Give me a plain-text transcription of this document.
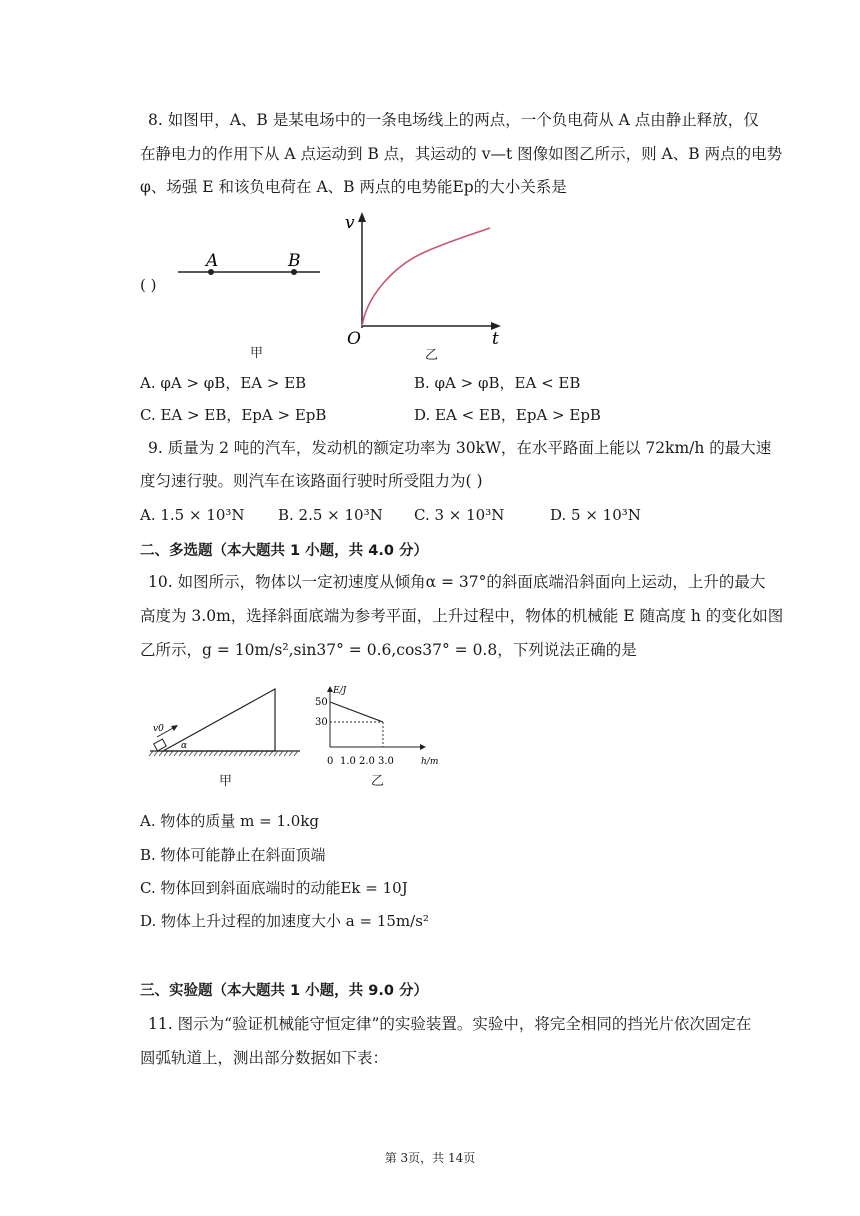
8. 如图甲，A、B 是某电场中的一条电场线上的两点，一个负电荷从 A 点由静止释放，仅
在静电力的作用下从 A 点运动到 B 点，其运动的 v—t 图像如图乙所示，则 A、B 两点的电势
φ、场强 E 和该负电荷在 A、B 两点的电势能Ep的大小关系是
( )
A	B
甲
v
t
O
乙
A. φA > φB，EA > EB	B. φA > φB，EA < EB
C. EA > EB，EpA > EpB	D. EA < EB，EpA > EpB
9. 质量为 2 吨的汽车，发动机的额定功率为 30kW，在水平路面上能以 72km/h 的最大速
度匀速行驶。则汽车在该路面行驶时所受阻力为( )
A. 1.5 × 10³N B. 2.5 × 10³N C. 3 × 10³N	D. 5 × 10³N
二、多选题（本大题共 1 小题，共 4.0 分）
10. 如图所示，物体以一定初速度从倾角α = 37°的斜面底端沿斜面向上运动，上升的最大
高度为 3.0m，选择斜面底端为参考平面，上升过程中，物体的机械能 E 随高度 h 的变化如图
乙所示，g = 10m/s²,sin37° = 0.6,cos37° = 0.8，下列说法正确的是
v0
α
甲
E/J
50
30
0 1.0 2.0 3.0	h/m
乙
A. 物体的质量 m = 1.0kg
B. 物体可能静止在斜面顶端
C. 物体回到斜面底端时的动能Ek = 10J
D. 物体上升过程的加速度大小 a = 15m/s²
三、实验题（本大题共 1 小题，共 9.0 分）
11. 图示为“验证机械能守恒定律”的实验装置。实验中，将完全相同的挡光片依次固定在
圆弧轨道上，测出部分数据如下表：
第 3页，共 14页
